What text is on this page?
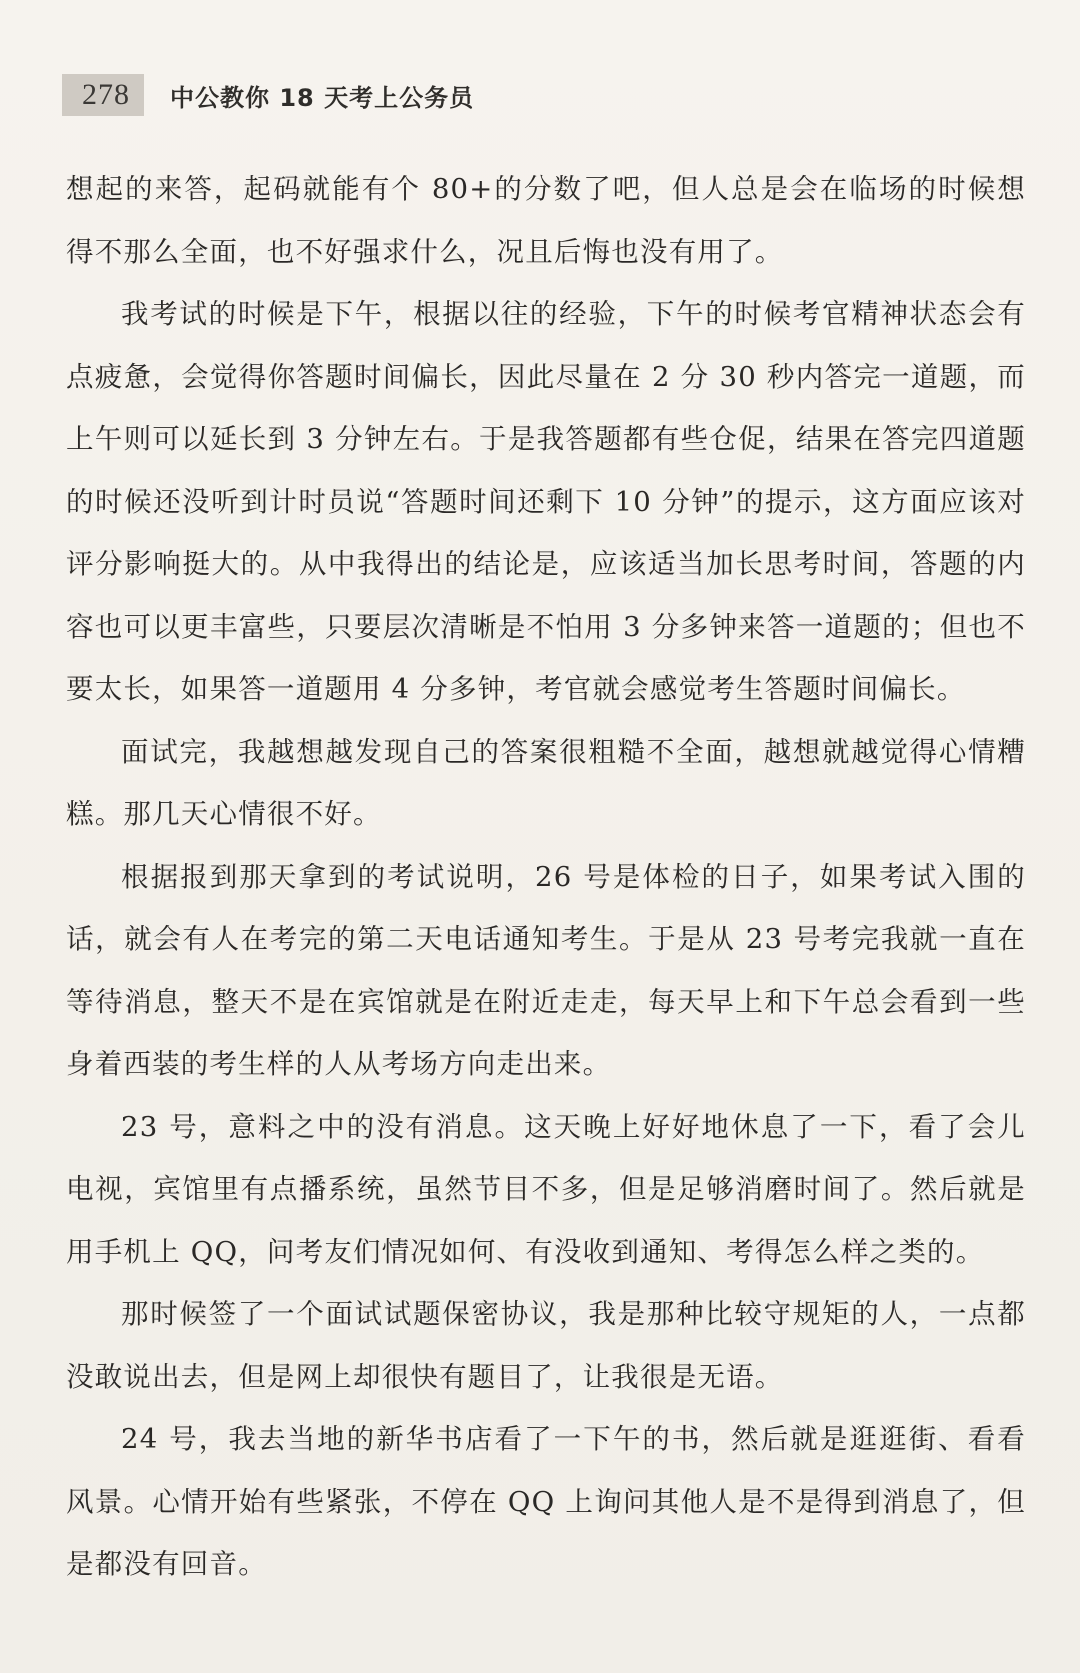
278	中公教你 18 天考上公务员

想起的来答，起码就能有个 80+的分数了吧，但人总是会在临场的时候想得不那么全面，也不好强求什么，况且后悔也没有用了。

我考试的时候是下午，根据以往的经验，下午的时候考官精神状态会有点疲惫，会觉得你答题时间偏长，因此尽量在 2 分 30 秒内答完一道题，而上午则可以延长到 3 分钟左右。于是我答题都有些仓促，结果在答完四道题的时候还没听到计时员说“答题时间还剩下 10 分钟”的提示，这方面应该对评分影响挺大的。从中我得出的结论是，应该适当加长思考时间，答题的内容也可以更丰富些，只要层次清晰是不怕用 3 分多钟来答一道题的；但也不要太长，如果答一道题用 4 分多钟，考官就会感觉考生答题时间偏长。

面试完，我越想越发现自己的答案很粗糙不全面，越想就越觉得心情糟糕。那几天心情很不好。

根据报到那天拿到的考试说明，26 号是体检的日子，如果考试入围的话，就会有人在考完的第二天电话通知考生。于是从 23 号考完我就一直在等待消息，整天不是在宾馆就是在附近走走，每天早上和下午总会看到一些身着西装的考生样的人从考场方向走出来。

23 号，意料之中的没有消息。这天晚上好好地休息了一下，看了会儿电视，宾馆里有点播系统，虽然节目不多，但是足够消磨时间了。然后就是用手机上 QQ，问考友们情况如何、有没收到通知、考得怎么样之类的。

那时候签了一个面试试题保密协议，我是那种比较守规矩的人，一点都没敢说出去，但是网上却很快有题目了，让我很是无语。

24 号，我去当地的新华书店看了一下午的书，然后就是逛逛街、看看风景。心情开始有些紧张，不停在 QQ 上询问其他人是不是得到消息了，但是都没有回音。
